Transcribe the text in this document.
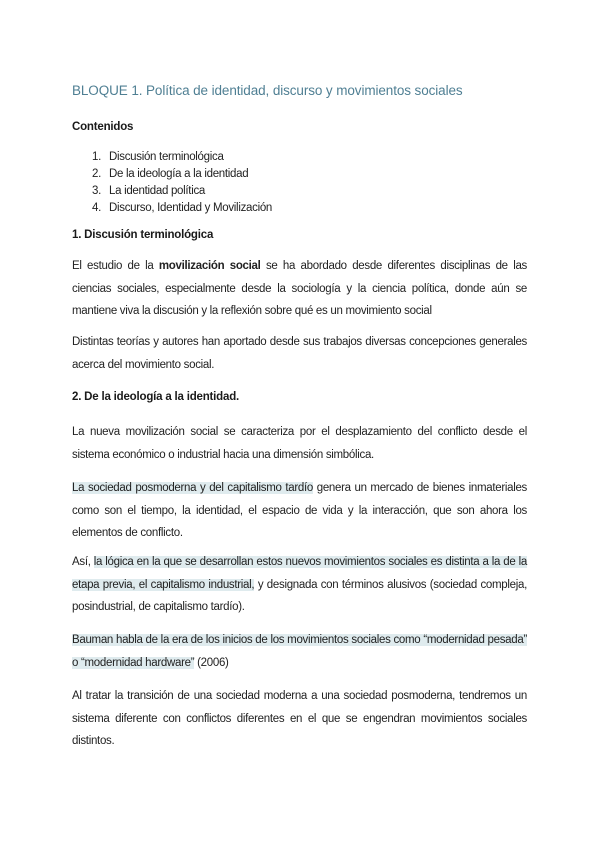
BLOQUE 1. Política de identidad, discurso y movimientos sociales
Contenidos
1. Discusión terminológica
2. De la ideología a la identidad
3. La identidad política
4. Discurso, Identidad y Movilización
1. Discusión terminológica

El estudio de la movilización social se ha abordado desde diferentes disciplinas de las ciencias sociales, especialmente desde la sociología y la ciencia política, donde aún se mantiene viva la discusión y la reflexión sobre qué es un movimiento social

Distintas teorías y autores han aportado desde sus trabajos diversas concepciones generales acerca del movimiento social.

2. De la ideología a la identidad.

La nueva movilización social se caracteriza por el desplazamiento del conflicto desde el sistema económico o industrial hacia una dimensión simbólica.

La sociedad posmoderna y del capitalismo tardío genera un mercado de bienes inmateriales como son el tiempo, la identidad, el espacio de vida y la interacción, que son ahora los elementos de conflicto.

Así, la lógica en la que se desarrollan estos nuevos movimientos sociales es distinta a la de la etapa previa, el capitalismo industrial, y designada con términos alusivos (sociedad compleja, posindustrial, de capitalismo tardío).

Bauman habla de la era de los inicios de los movimientos sociales como “modernidad pesada” o “modernidad hardware” (2006)

Al tratar la transición de una sociedad moderna a una sociedad posmoderna, tendremos un sistema diferente con conflictos diferentes en el que se engendran movimientos sociales distintos.
